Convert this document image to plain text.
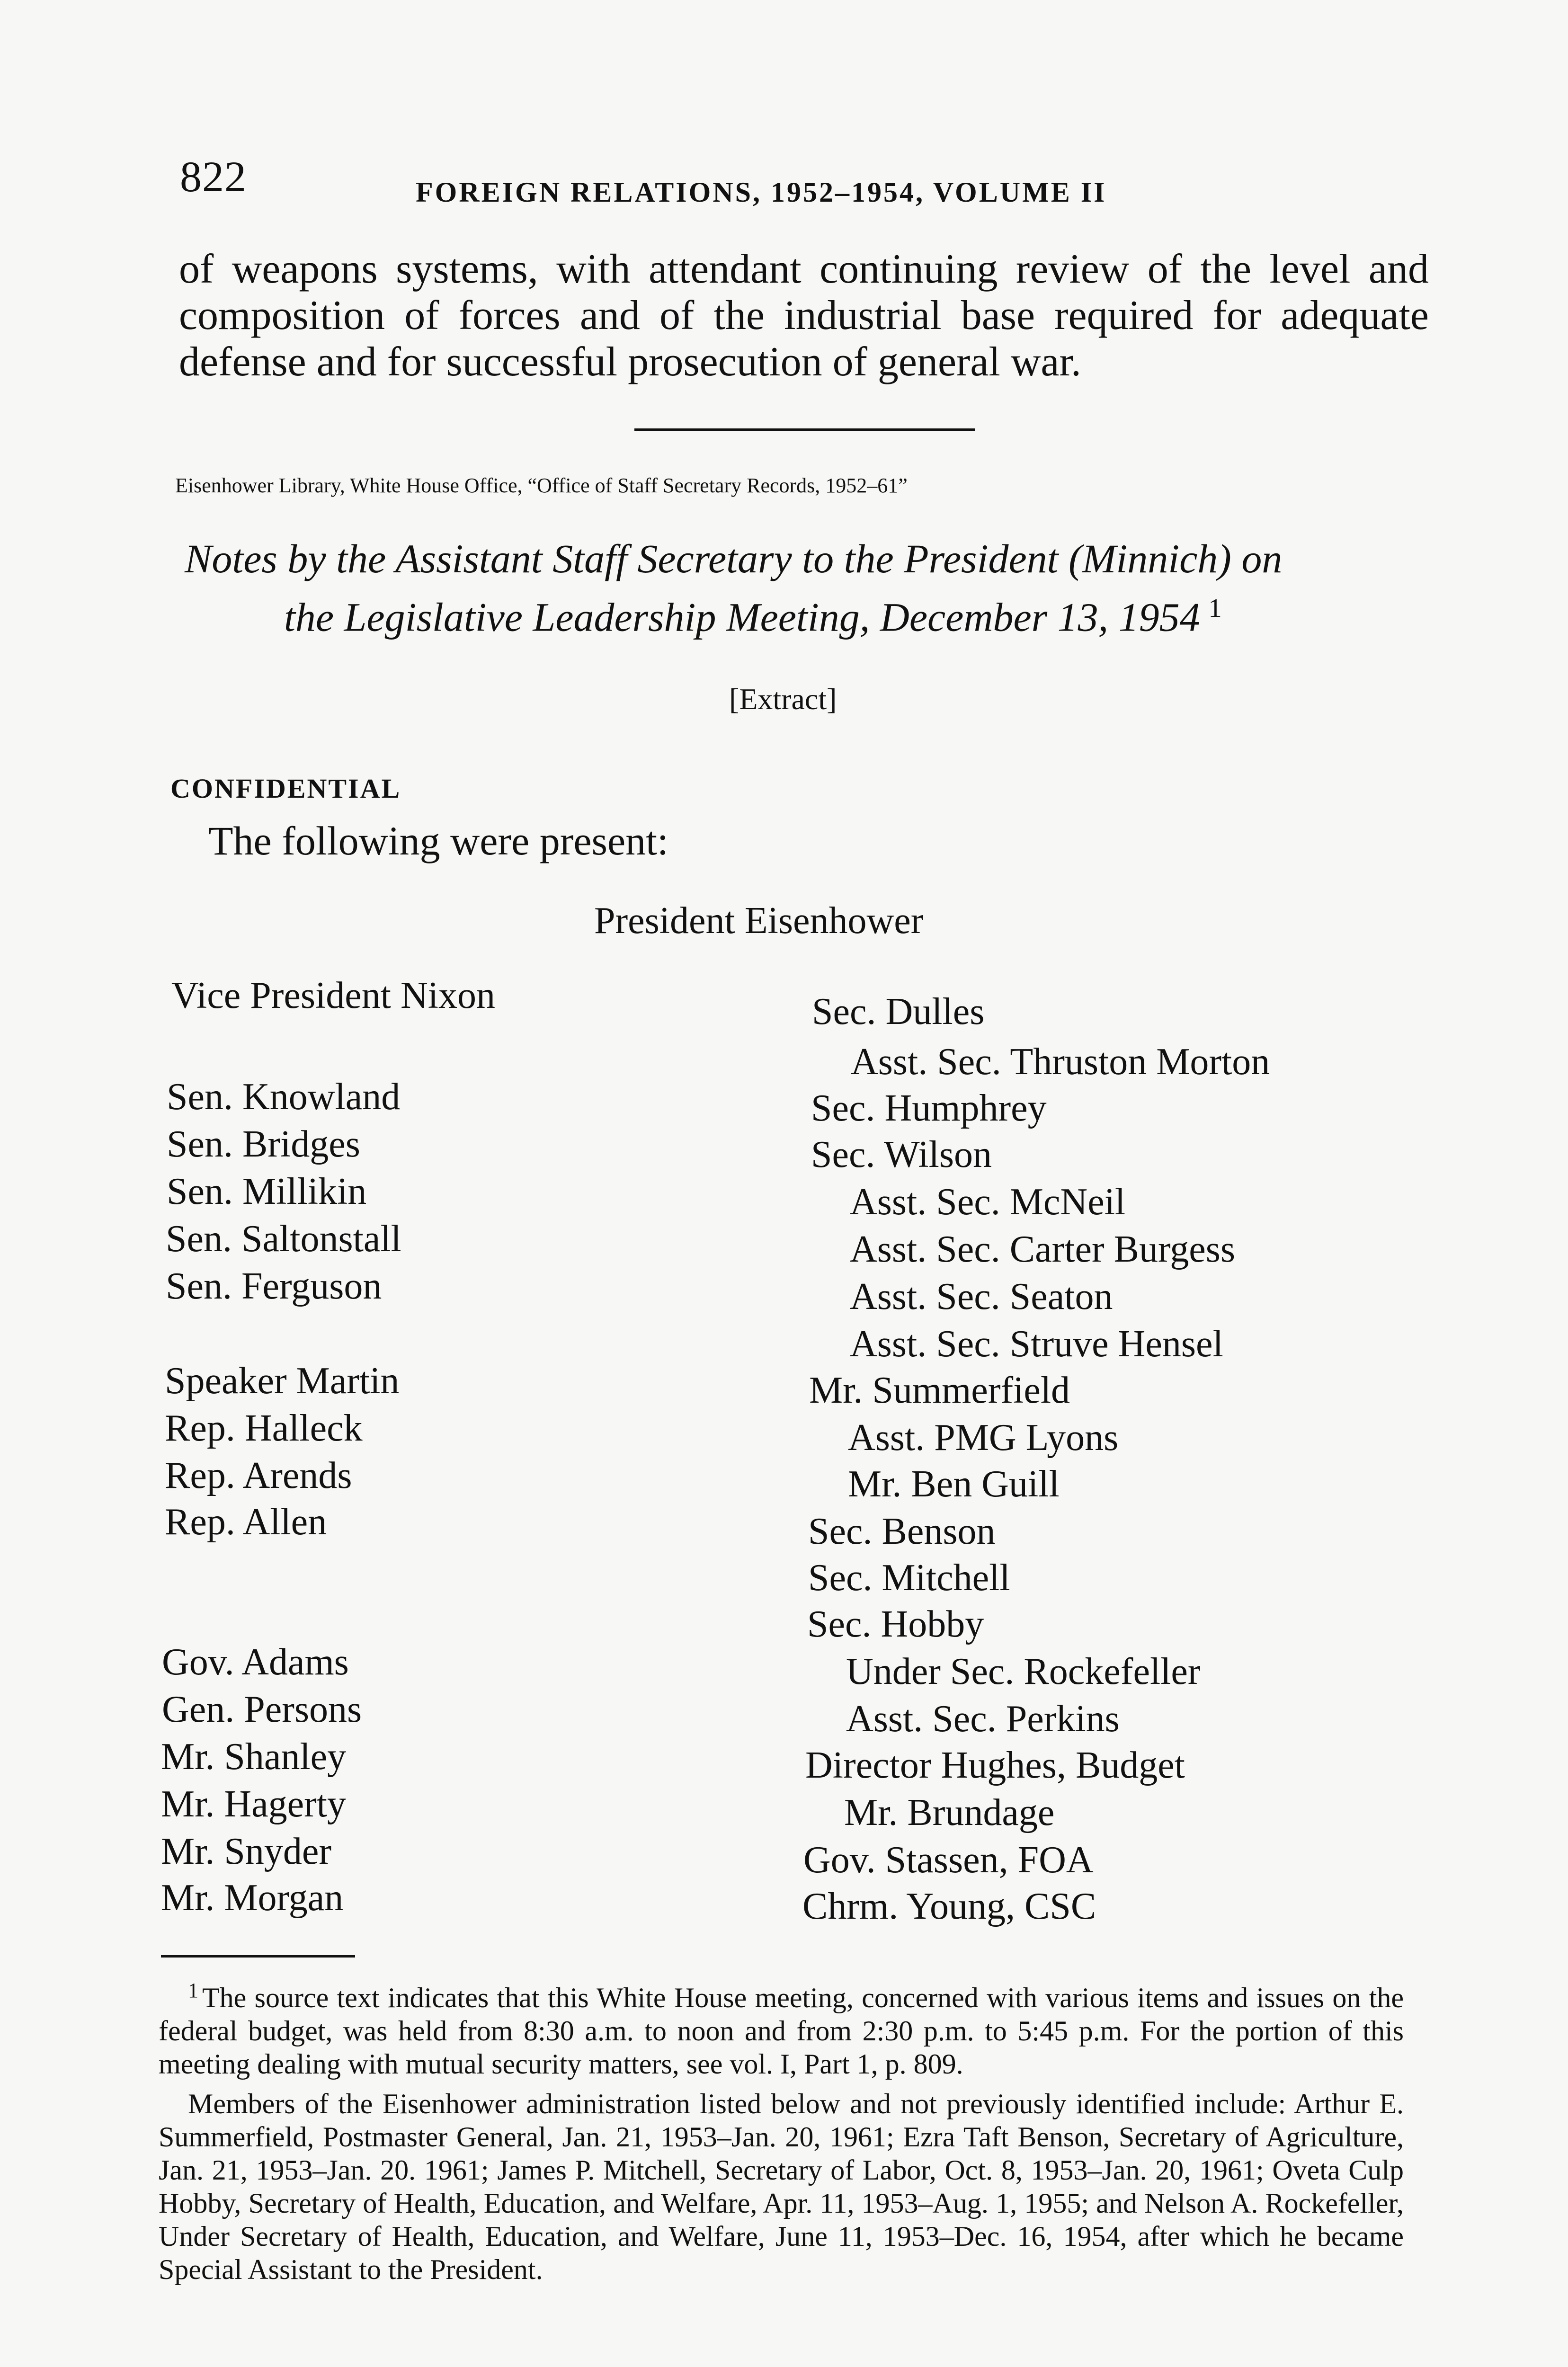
822	FOREIGN RELATIONS, 1952–1954, VOLUME II
of weapons systems, with attendant continuing review of the level and composition of forces and of the industrial base required for adequate defense and for successful prosecution of general war.
Eisenhower Library, White House Office, “Office of Staff Secretary Records, 1952–61”
Notes by the Assistant Staff Secretary to the President (Minnich) on
the Legislative Leadership Meeting, December 13, 1954 $^1$
[Extract]
CONFIDENTIAL
The following were present:
President Eisenhower
Vice President Nixon
Sen. Knowland
Sen. Bridges
Sen. Millikin
Sen. Saltonstall
Sen. Ferguson
Speaker Martin
Rep. Halleck
Rep. Arends
Rep. Allen
Gov. Adams
Gen. Persons
Mr. Shanley
Mr. Hagerty
Mr. Snyder
Mr. Morgan
Sec. Dulles
Asst. Sec. Thruston Morton
Sec. Humphrey
Sec. Wilson
Asst. Sec. McNeil
Asst. Sec. Carter Burgess
Asst. Sec. Seaton
Asst. Sec. Struve Hensel
Mr. Summerfield
Asst. PMG Lyons
Mr. Ben Guill
Sec. Benson
Sec. Mitchell
Sec. Hobby
Under Sec. Rockefeller
Asst. Sec. Perkins
Director Hughes, Budget
Mr. Brundage
Gov. Stassen, FOA
Chrm. Young, CSC

$^1$ The source text indicates that this White House meeting, concerned with various items and issues on the federal budget, was held from 8:30 a.m. to noon and from 2:30 p.m. to 5:45 p.m. For the portion of this meeting dealing with mutual security matters, see vol. I, Part 1, p. 809.

Members of the Eisenhower administration listed below and not previously identified include: Arthur E. Summerfield, Postmaster General, Jan. 21, 1953–Jan. 20, 1961; Ezra Taft Benson, Secretary of Agriculture, Jan. 21, 1953–Jan. 20. 1961; James P. Mitchell, Secretary of Labor, Oct. 8, 1953–Jan. 20, 1961; Oveta Culp Hobby, Secretary of Health, Education, and Welfare, Apr. 11, 1953–Aug. 1, 1955; and Nelson A. Rockefeller, Under Secretary of Health, Education, and Welfare, June 11, 1953–Dec. 16, 1954, after which he became Special Assistant to the President.
